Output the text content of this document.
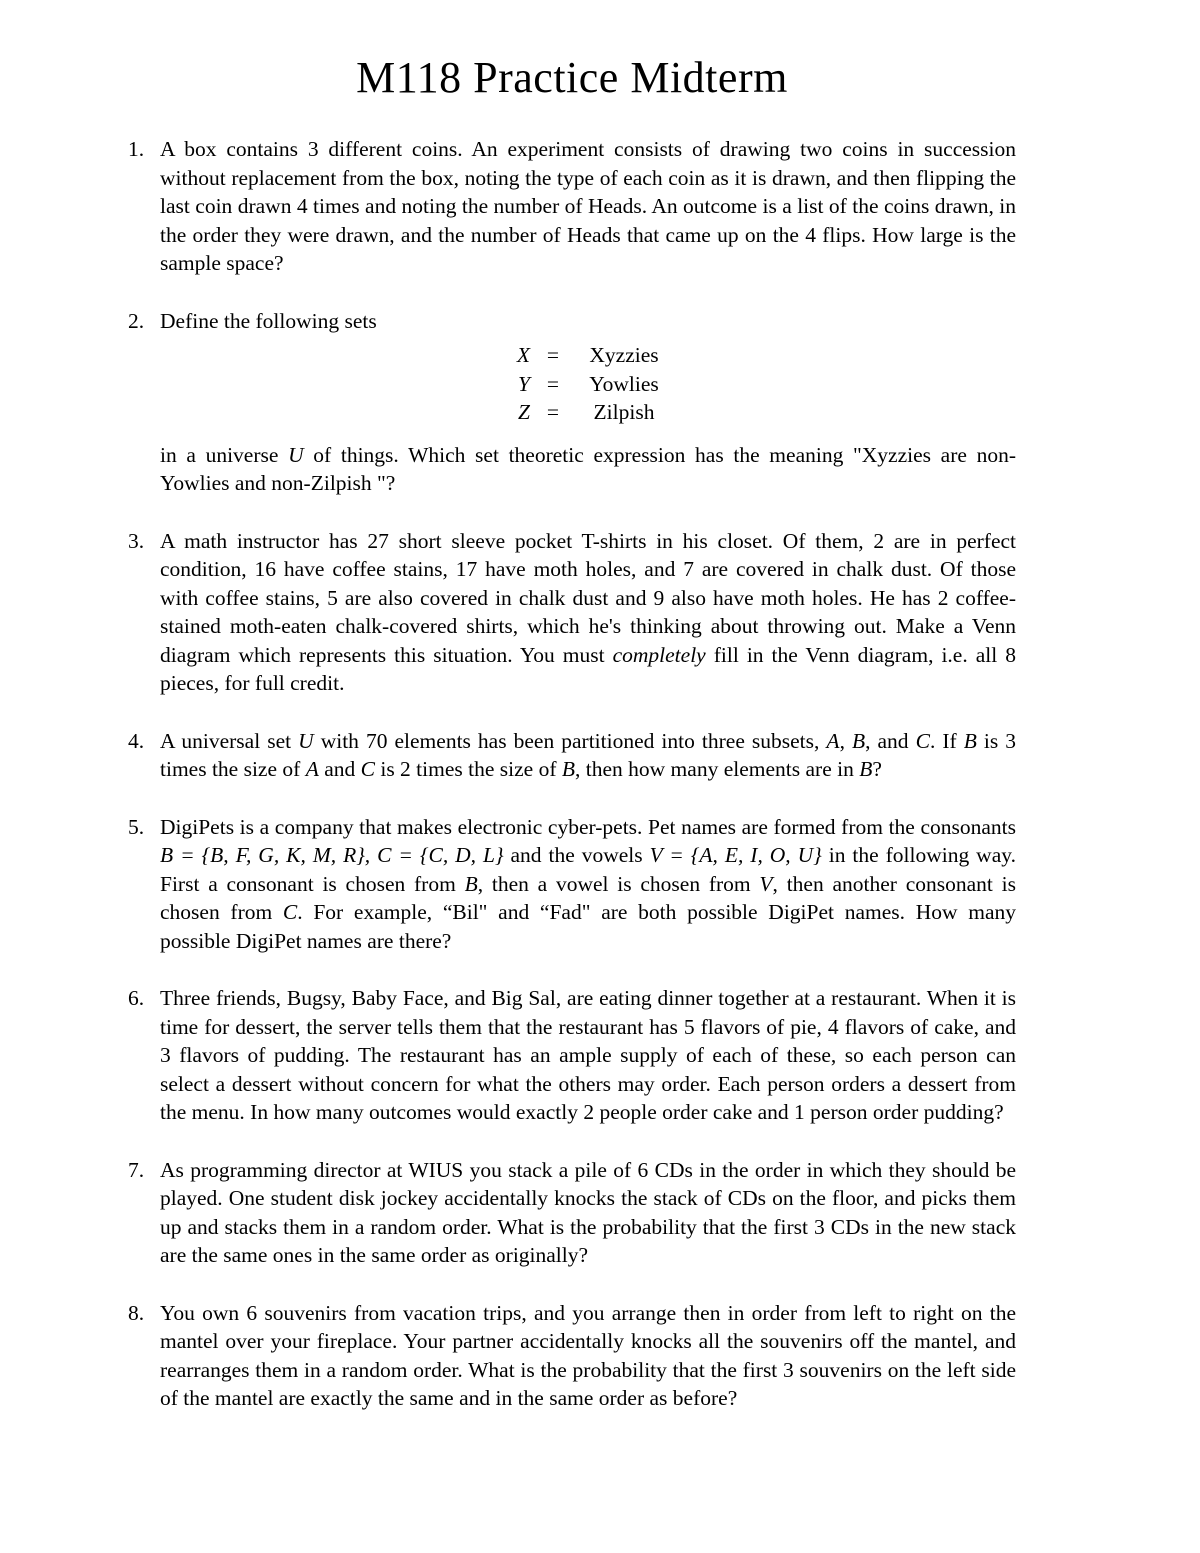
M118 Practice Midterm
1. A box contains 3 different coins. An experiment consists of drawing two coins in succession without replacement from the box, noting the type of each coin as it is drawn, and then flipping the last coin drawn 4 times and noting the number of Heads. An outcome is a list of the coins drawn, in the order they were drawn, and the number of Heads that came up on the 4 flips. How large is the sample space?

2. Define the following sets

X =	Xyzzies
Y =	Yowlies
Z =	Zilpish

in a universe U of things. Which set theoretic expression has the meaning "Xyzzies are non-Yowlies and non-Zilpish "?

3. A math instructor has 27 short sleeve pocket T-shirts in his closet. Of them, 2 are in perfect condition, 16 have coffee stains, 17 have moth holes, and 7 are covered in chalk dust. Of those with coffee stains, 5 are also covered in chalk dust and 9 also have moth holes. He has 2 coffee-stained moth-eaten chalk-covered shirts, which he's thinking about throwing out. Make a Venn diagram which represents this situation. You must completely fill in the Venn diagram, i.e. all 8 pieces, for full credit.

4. A universal set U with 70 elements has been partitioned into three subsets, A, B, and C. If B is 3 times the size of A and C is 2 times the size of B, then how many elements are in B?

5. DigiPets is a company that makes electronic cyber-pets. Pet names are formed from the consonants B = {B, F, G, K, M, R}, C = {C, D, L} and the vowels V = {A, E, I, O, U} in the following way. First a consonant is chosen from B, then a vowel is chosen from V, then another consonant is chosen from C. For example, “Bil" and “Fad" are both possible DigiPet names. How many possible DigiPet names are there?

6. Three friends, Bugsy, Baby Face, and Big Sal, are eating dinner together at a restaurant. When it is time for dessert, the server tells them that the restaurant has 5 flavors of pie, 4 flavors of cake, and 3 flavors of pudding. The restaurant has an ample supply of each of these, so each person can select a dessert without concern for what the others may order. Each person orders a dessert from the menu. In how many outcomes would exactly 2 people order cake and 1 person order pudding?

7. As programming director at WIUS you stack a pile of 6 CDs in the order in which they should be played. One student disk jockey accidentally knocks the stack of CDs on the floor, and picks them up and stacks them in a random order. What is the probability that the first 3 CDs in the new stack are the same ones in the same order as originally?

8. You own 6 souvenirs from vacation trips, and you arrange then in order from left to right on the mantel over your fireplace. Your partner accidentally knocks all the souvenirs off the mantel, and rearranges them in a random order. What is the probability that the first 3 souvenirs on the left side of the mantel are exactly the same and in the same order as before?
